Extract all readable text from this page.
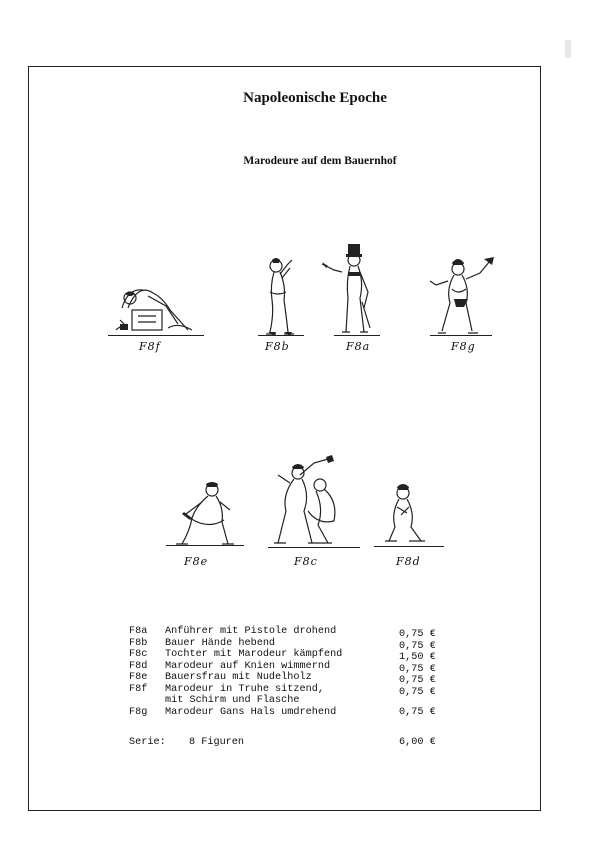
Napoleonische Epoche
Marodeure auf dem Bauernhof
F8f	F8b	F8a	F8g
F8e	F8c	F8d
F8a Anführer mit Pistole drohend	0,75 €
F8b Bauer Hände hebend	0,75 €
F8c Tochter mit Marodeur kämpfend	1,50 €
F8d Marodeur auf Knien wimmernd	0,75 €
F8e Bauersfrau mit Nudelholz	0,75 €
F8f Marodeur in Truhe sitzend,	0,75 €
mit Schirm und Flasche
F8g Marodeur Gans Hals umdrehend	0,75 €
Serie: 8 Figuren	6,00 €
